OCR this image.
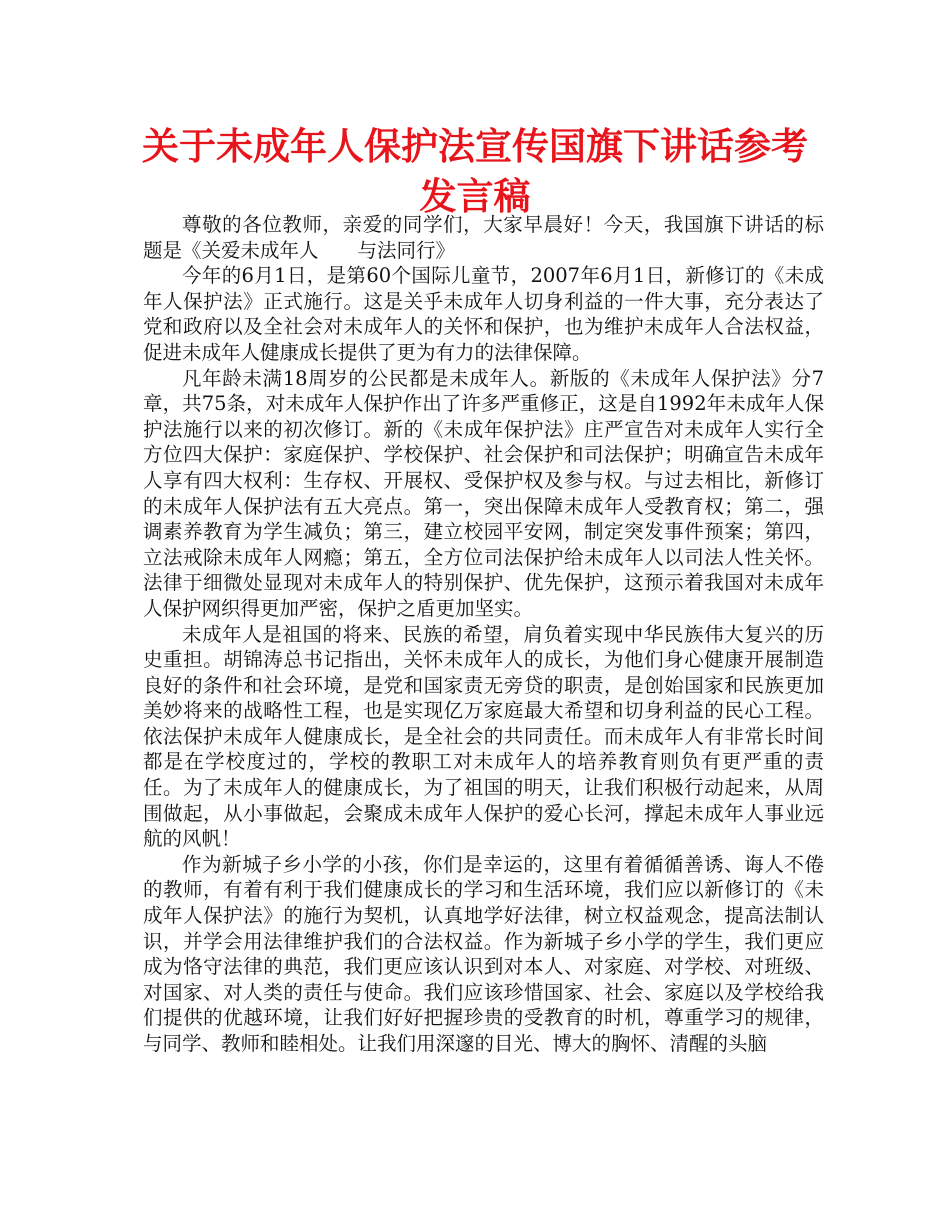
关于未成年人保护法宣传国旗下讲话参考
发言稿

尊敬的各位教师，亲爱的同学们，大家早晨好！今天，我国旗下讲话的标题是《关爱未成年人　　与法同行》

今年的6月1日，是第60个国际儿童节，2007年6月1日，新修订的《未成年人保护法》正式施行。这是关乎未成年人切身利益的一件大事，充分表达了党和政府以及全社会对未成年人的关怀和保护，也为维护未成年人合法权益，促进未成年人健康成长提供了更为有力的法律保障。

凡年龄未满18周岁的公民都是未成年人。新版的《未成年人保护法》分7章，共75条，对未成年人保护作出了许多严重修正，这是自1992年未成年人保护法施行以来的初次修订。新的《未成年保护法》庄严宣告对未成年人实行全方位四大保护：家庭保护、学校保护、社会保护和司法保护；明确宣告未成年人享有四大权利：生存权、开展权、受保护权及参与权。与过去相比，新修订的未成年人保护法有五大亮点。第一，突出保障未成年人受教育权；第二，强调素养教育为学生减负；第三，建立校园平安网，制定突发事件预案；第四，立法戒除未成年人网瘾；第五，全方位司法保护给未成年人以司法人性关怀。法律于细微处显现对未成年人的特别保护、优先保护，这预示着我国对未成年人保护网织得更加严密，保护之盾更加坚实。

未成年人是祖国的将来、民族的希望，肩负着实现中华民族伟大复兴的历史重担。胡锦涛总书记指出，关怀未成年人的成长，为他们身心健康开展制造良好的条件和社会环境，是党和国家责无旁贷的职责，是创始国家和民族更加美妙将来的战略性工程，也是实现亿万家庭最大希望和切身利益的民心工程。依法保护未成年人健康成长，是全社会的共同责任。而未成年人有非常长时间都是在学校度过的，学校的教职工对未成年人的培养教育则负有更严重的责任。为了未成年人的健康成长，为了祖国的明天，让我们积极行动起来，从周围做起，从小事做起，会聚成未成年人保护的爱心长河，撑起未成年人事业远航的风帆！

作为新城子乡小学的小孩，你们是幸运的，这里有着循循善诱、诲人不倦的教师，有着有利于我们健康成长的学习和生活环境，我们应以新修订的《未成年人保护法》的施行为契机，认真地学好法律，树立权益观念，提高法制认识，并学会用法律维护我们的合法权益。作为新城子乡小学的学生，我们更应成为恪守法律的典范，我们更应该认识到对本人、对家庭、对学校、对班级、对国家、对人类的责任与使命。我们应该珍惜国家、社会、家庭以及学校给我们提供的优越环境，让我们好好把握珍贵的受教育的时机，尊重学习的规律，与同学、教师和睦相处。让我们用深邃的目光、博大的胸怀、清醒的头脑
